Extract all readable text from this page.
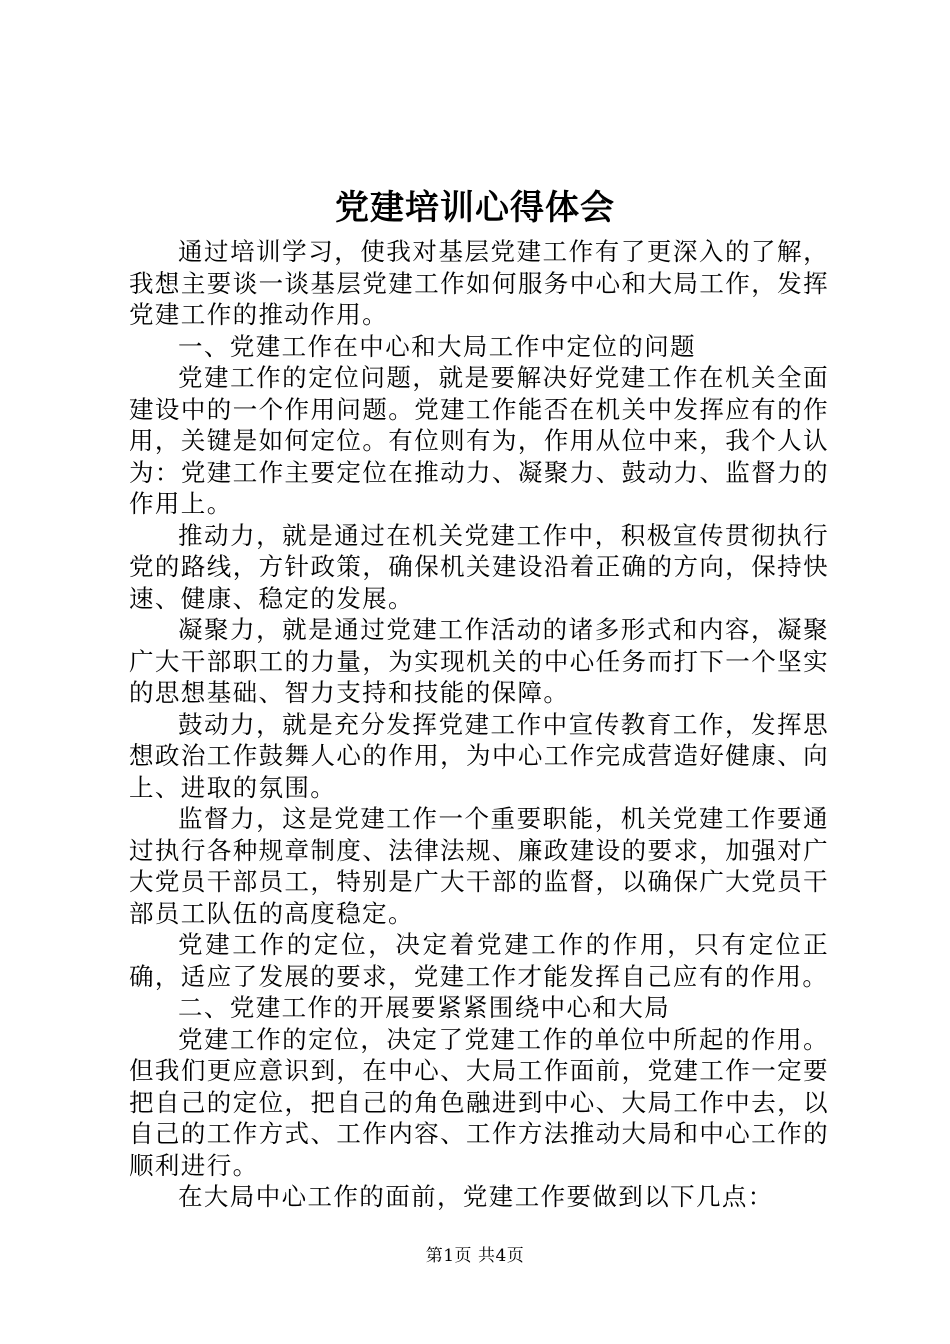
党建培训心得体会

通过培训学习，使我对基层党建工作有了更深入的了解，我想主要谈一谈基层党建工作如何服务中心和大局工作，发挥党建工作的推动作用。

一、党建工作在中心和大局工作中定位的问题

党建工作的定位问题，就是要解决好党建工作在机关全面建设中的一个作用问题。党建工作能否在机关中发挥应有的作用，关键是如何定位。有位则有为，作用从位中来，我个人认为：党建工作主要定位在推动力、凝聚力、鼓动力、监督力的作用上。

推动力，就是通过在机关党建工作中，积极宣传贯彻执行党的路线，方针政策，确保机关建设沿着正确的方向，保持快速、健康、稳定的发展。

凝聚力，就是通过党建工作活动的诸多形式和内容，凝聚广大干部职工的力量，为实现机关的中心任务而打下一个坚实的思想基础、智力支持和技能的保障。

鼓动力，就是充分发挥党建工作中宣传教育工作，发挥思想政治工作鼓舞人心的作用，为中心工作完成营造好健康、向上、进取的氛围。

监督力，这是党建工作一个重要职能，机关党建工作要通过执行各种规章制度、法律法规、廉政建设的要求，加强对广大党员干部员工，特别是广大干部的监督，以确保广大党员干部员工队伍的高度稳定。

党建工作的定位，决定着党建工作的作用，只有定位正确，适应了发展的要求，党建工作才能发挥自己应有的作用。

二、党建工作的开展要紧紧围绕中心和大局

党建工作的定位，决定了党建工作的单位中所起的作用。但我们更应意识到，在中心、大局工作面前，党建工作一定要把自己的定位，把自己的角色融进到中心、大局工作中去，以自己的工作方式、工作内容、工作方法推动大局和中心工作的顺利进行。

在大局中心工作的面前，党建工作要做到以下几点：

第1页 共4页
